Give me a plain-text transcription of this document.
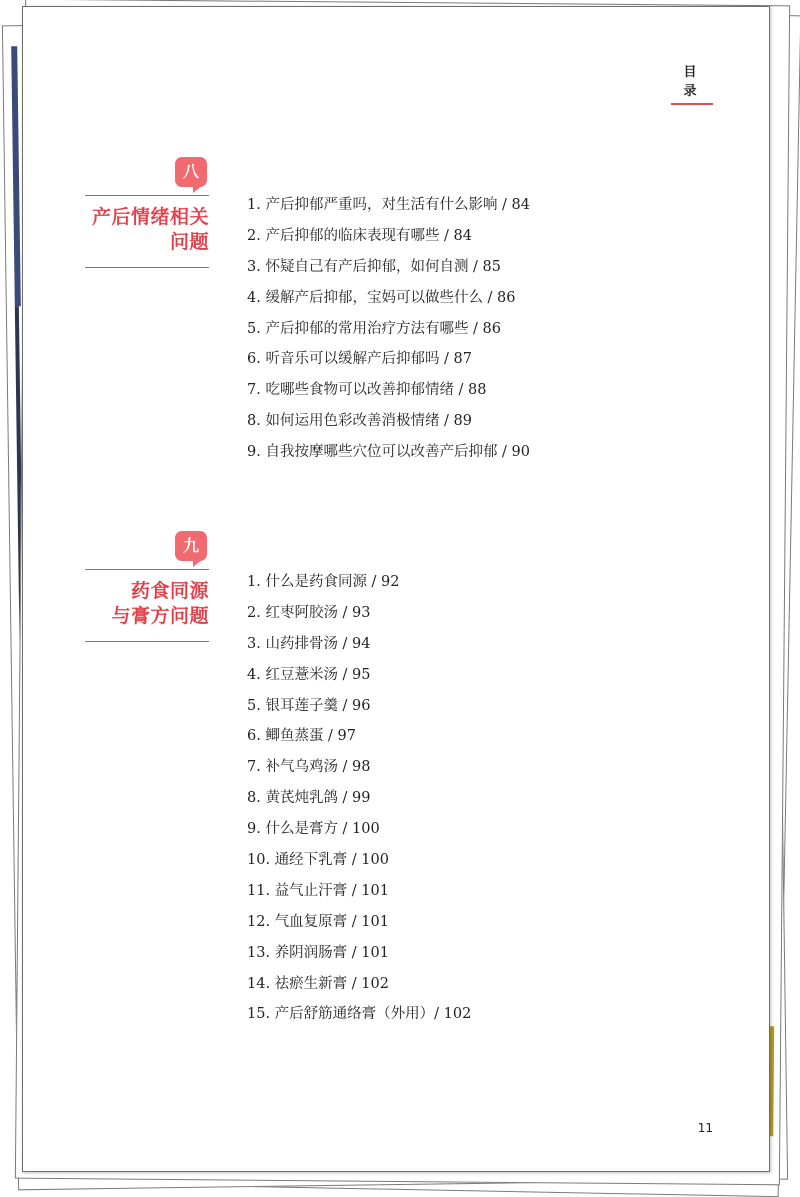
目 录
八
产后情绪相关
问题
1. 产后抑郁严重吗，对生活有什么影响 / 84
2. 产后抑郁的临床表现有哪些 / 84
3. 怀疑自己有产后抑郁，如何自测 / 85
4. 缓解产后抑郁，宝妈可以做些什么 / 86
5. 产后抑郁的常用治疗方法有哪些 / 86
6. 听音乐可以缓解产后抑郁吗 / 87
7. 吃哪些食物可以改善抑郁情绪 / 88
8. 如何运用色彩改善消极情绪 / 89
9. 自我按摩哪些穴位可以改善产后抑郁 / 90
九
药食同源
与膏方问题
1. 什么是药食同源 / 92
2. 红枣阿胶汤 / 93
3. 山药排骨汤 / 94
4. 红豆薏米汤 / 95
5. 银耳莲子羹 / 96
6. 鲫鱼蒸蛋 / 97
7. 补气乌鸡汤 / 98
8. 黄芪炖乳鸽 / 99
9. 什么是膏方 / 100
10. 通经下乳膏 / 100
11. 益气止汗膏 / 101
12. 气血复原膏 / 101
13. 养阴润肠膏 / 101
14. 祛瘀生新膏 / 102
15. 产后舒筋通络膏（外用）/ 102
11
